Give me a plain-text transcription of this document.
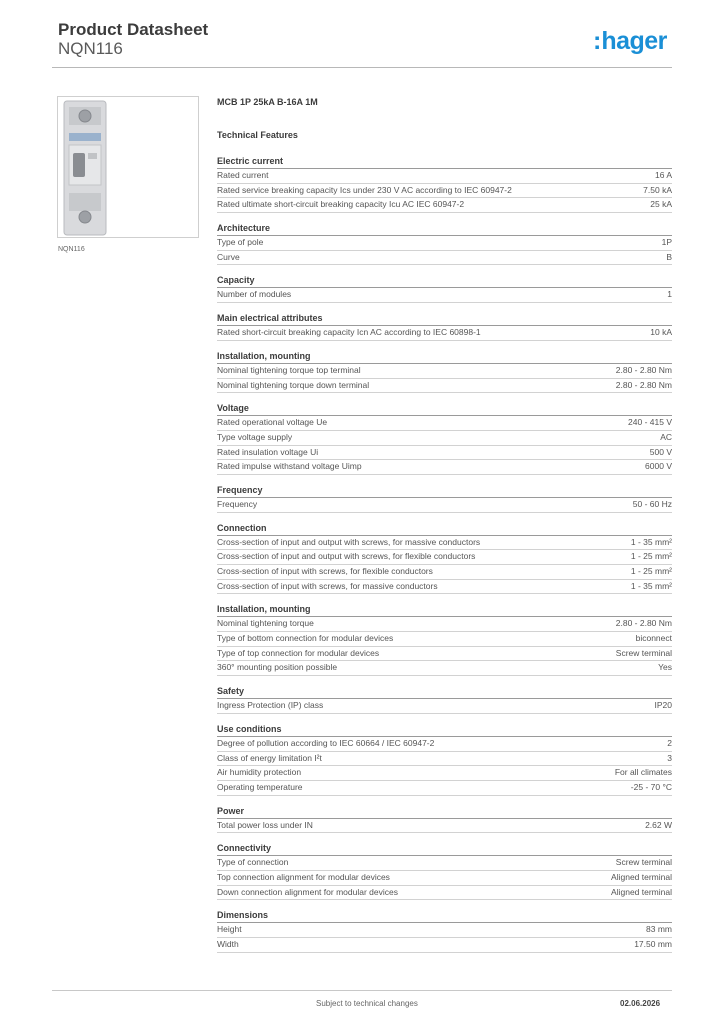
Product Datasheet
NQN116	:hager
NQN116
MCB 1P 25kA B-16A 1M
Technical Features
Electric current
Rated current	16 A
Rated service breaking capacity Ics under 230 V AC according to IEC 60947-2	7.50 kA
Rated ultimate short-circuit breaking capacity Icu AC IEC 60947-2	25 kA
Architecture
Type of pole	1P
Curve	B
Capacity
Number of modules	1
Main electrical attributes
Rated short-circuit breaking capacity Icn AC according to IEC 60898-1	10 kA
Installation, mounting
Nominal tightening torque top terminal	2.80 - 2.80 Nm
Nominal tightening torque down terminal	2.80 - 2.80 Nm
Voltage
Rated operational voltage Ue	240 - 415 V
Type voltage supply	AC
Rated insulation voltage Ui	500 V
Rated impulse withstand voltage Uimp	6000 V
Frequency
Frequency	50 - 60 Hz
Connection
Cross-section of input and output with screws, for massive conductors	1 - 35 mm²
Cross-section of input and output with screws, for flexible conductors	1 - 25 mm²
Cross-section of input with screws, for flexible conductors	1 - 25 mm²
Cross-section of input with screws, for massive conductors	1 - 35 mm²
Installation, mounting
Nominal tightening torque	2.80 - 2.80 Nm
Type of bottom connection for modular devices	biconnect
Type of top connection for modular devices	Screw terminal
360° mounting position possible	Yes
Safety
Ingress Protection (IP) class	IP20
Use conditions
Degree of pollution according to IEC 60664 / IEC 60947-2	2
Class of energy limitation I²t	3
Air humidity protection	For all climates
Operating temperature	-25 - 70 °C
Power
Total power loss under IN	2.62 W
Connectivity
Type of connection	Screw terminal
Top connection alignment for modular devices	Aligned terminal
Down connection alignment for modular devices	Aligned terminal
Dimensions
Height	83 mm
Width	17.50 mm
Subject to technical changes	02.06.2026
